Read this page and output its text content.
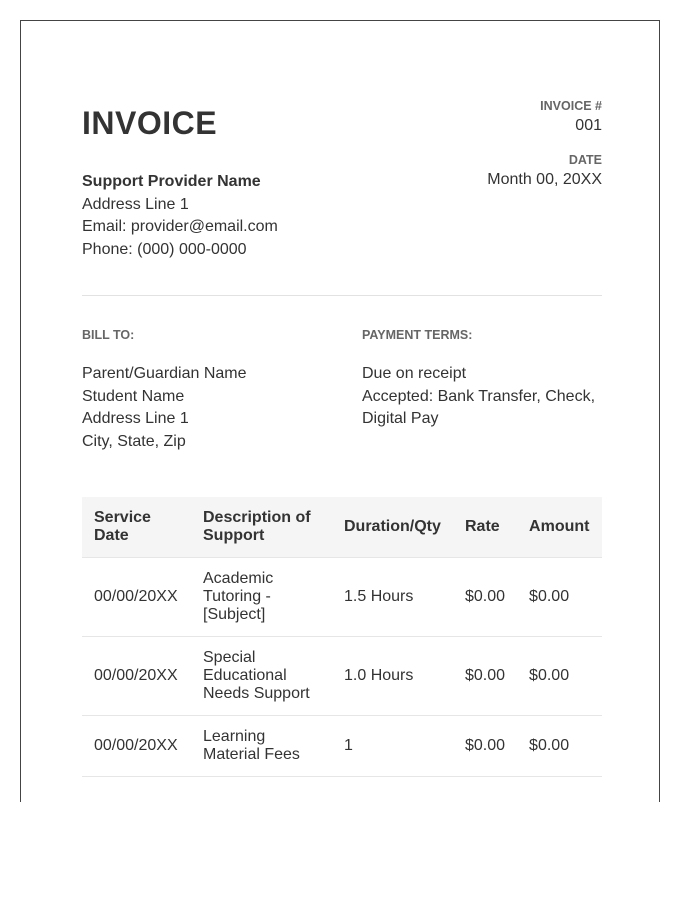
INVOICE	INVOICE #
001
DATE
Month 00, 20XX
Support Provider Name
Address Line 1
Email: provider@email.com
Phone: (000) 000-0000
BILL TO:
Parent/Guardian Name
Student Name
Address Line 1
City, State, Zip
PAYMENT TERMS:
Due on receipt
Accepted: Bank Transfer, Check,
Digital Pay
Service Date	Description of Support	Duration/Qty	Rate	Amount
00/00/20XX	Academic Tutoring - [Subject]	1.5 Hours	$0.00	$0.00
00/00/20XX	Special Educational Needs Support	1.0 Hours	$0.00	$0.00
00/00/20XX	Learning Material Fees	1	$0.00	$0.00
